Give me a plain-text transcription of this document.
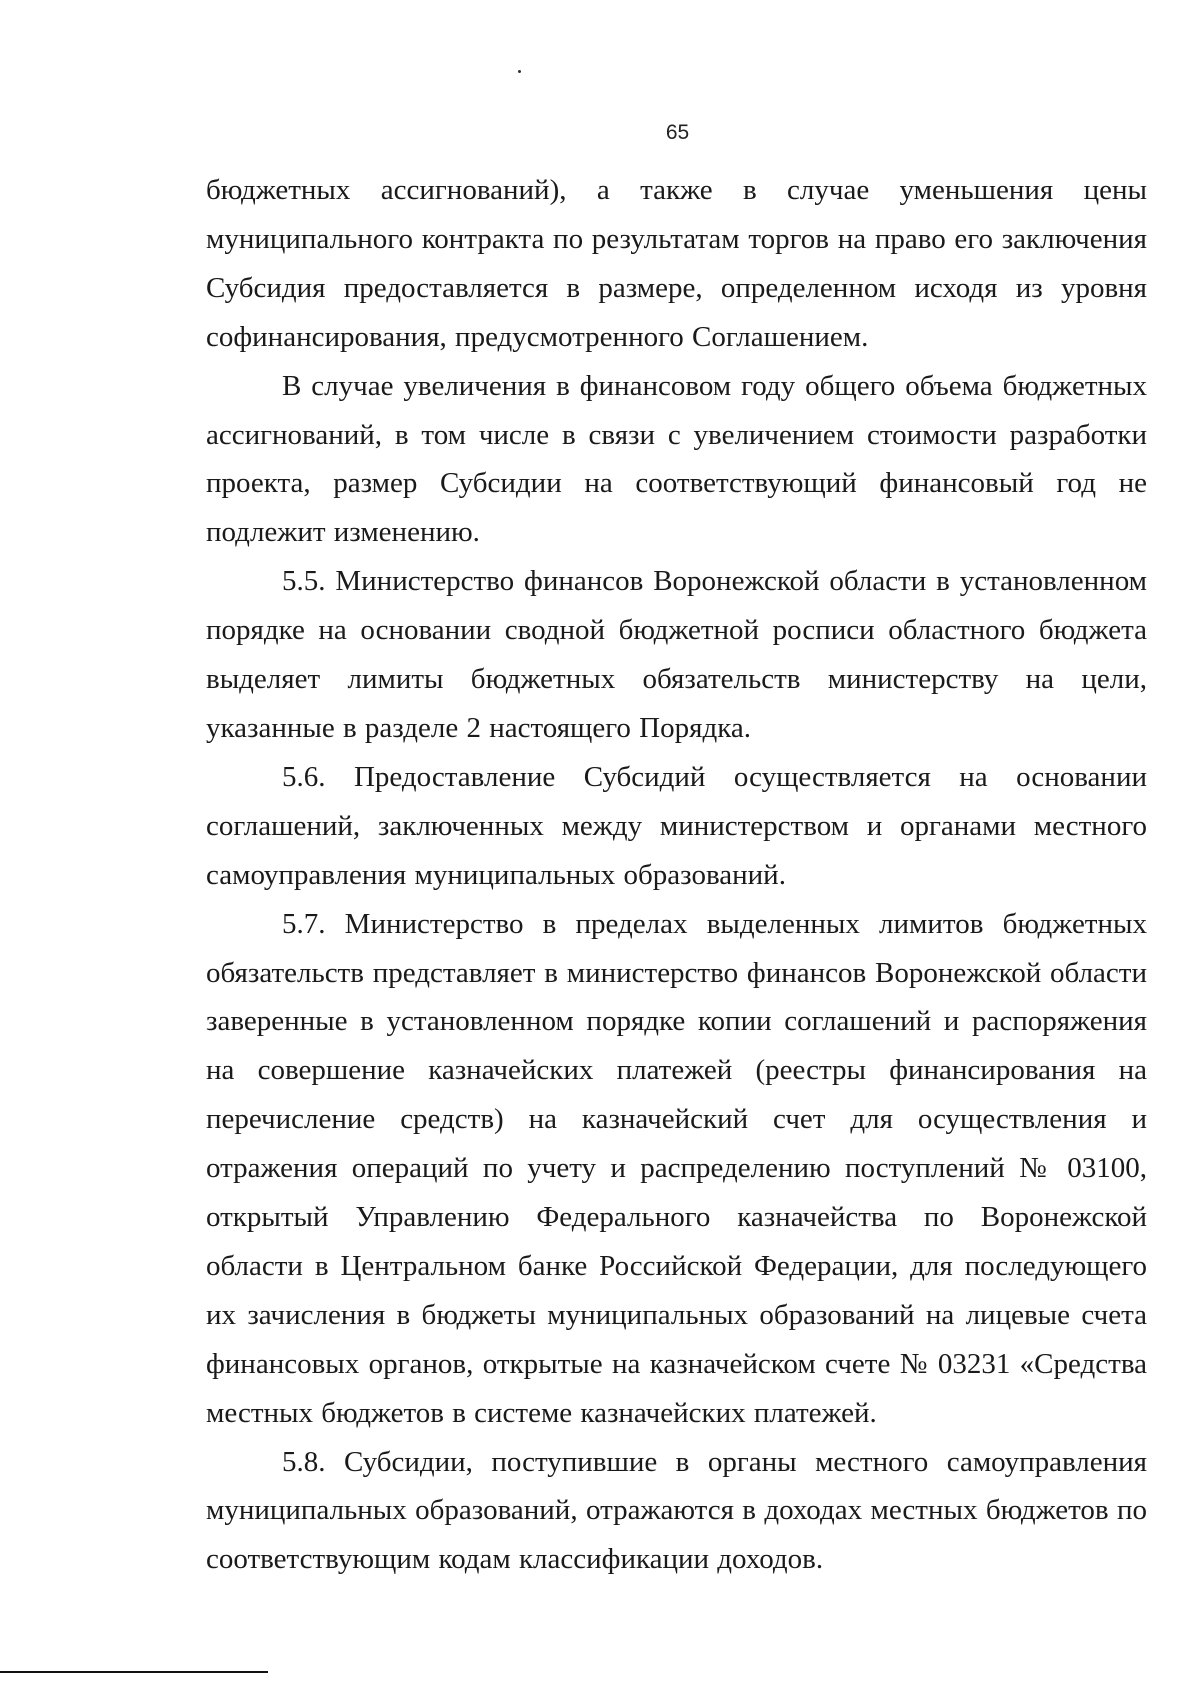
65

бюджетных ассигнований), а также в случае уменьшения цены муниципального контракта по результатам торгов на право его заключения Субсидия предоставляется в размере, определенном исходя из уровня софинансирования, предусмотренного Соглашением.

В случае увеличения в финансовом году общего объема бюджетных ассигнований, в том числе в связи с увеличением стоимости разработки проекта, размер Субсидии на соответствующий финансовый год не подлежит изменению.

5.5. Министерство финансов Воронежской области в установленном порядке на основании сводной бюджетной росписи областного бюджета выделяет лимиты бюджетных обязательств министерству на цели, указанные в разделе 2 настоящего Порядка.

5.6. Предоставление Субсидий осуществляется на основании соглашений, заключенных между министерством и органами местного самоуправления муниципальных образований.

5.7. Министерство в пределах выделенных лимитов бюджетных обязательств представляет в министерство финансов Воронежской области заверенные в установленном порядке копии соглашений и распоряжения на совершение казначейских платежей (реестры финансирования на перечисление средств) на казначейский счет для осуществления и отражения операций по учету и распределению поступлений № 03100, открытый Управлению Федерального казначейства по Воронежской области в Центральном банке Российской Федерации, для последующего их зачисления в бюджеты муниципальных образований на лицевые счета финансовых органов, открытые на казначейском счете № 03231 «Средства местных бюджетов в системе казначейских платежей.

5.8. Субсидии, поступившие в органы местного самоуправления муниципальных образований, отражаются в доходах местных бюджетов по соответствующим кодам классификации доходов.
